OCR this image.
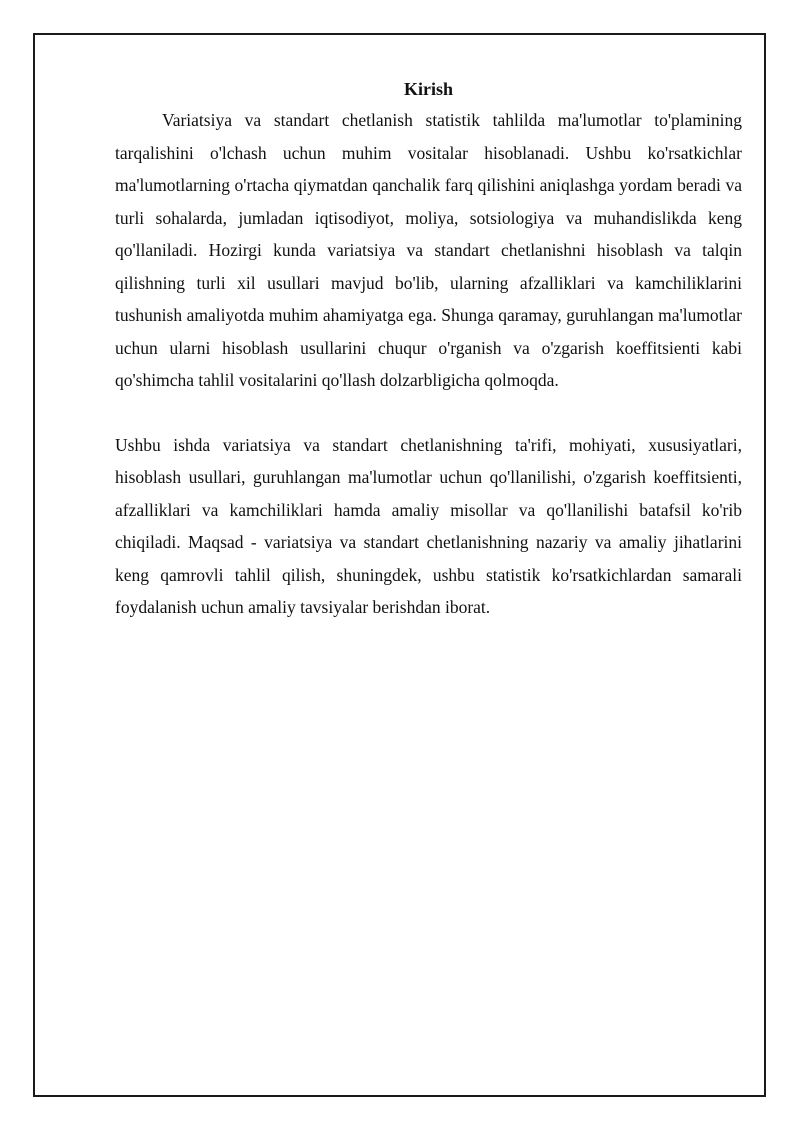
Kirish

Variatsiya va standart chetlanish statistik tahlilda ma'lumotlar to'plamining tarqalishini o'lchash uchun muhim vositalar hisoblanadi. Ushbu ko'rsatkichlar ma'lumotlarning o'rtacha qiymatdan qanchalik farq qilishini aniqlashga yordam beradi va turli sohalarda, jumladan iqtisodiyot, moliya, sotsiologiya va muhandislikda keng qo'llaniladi. Hozirgi kunda variatsiya va standart chetlanishni hisoblash va talqin qilishning turli xil usullari mavjud bo'lib, ularning afzalliklari va kamchiliklarini tushunish amaliyotda muhim ahamiyatga ega. Shunga qaramay, guruhlangan ma'lumotlar uchun ularni hisoblash usullarini chuqur o'rganish va o'zgarish koeffitsienti kabi qo'shimcha tahlil vositalarini qo'llash dolzarbligicha qolmoqda.

Ushbu ishda variatsiya va standart chetlanishning ta'rifi, mohiyati, xususiyatlari, hisoblash usullari, guruhlangan ma'lumotlar uchun qo'llanilishi, o'zgarish koeffitsienti, afzalliklari va kamchiliklari hamda amaliy misollar va qo'llanilishi batafsil ko'rib chiqiladi. Maqsad - variatsiya va standart chetlanishning nazariy va amaliy jihatlarini keng qamrovli tahlil qilish, shuningdek, ushbu statistik ko'rsatkichlardan samarali foydalanish uchun amaliy tavsiyalar berishdan iborat.
